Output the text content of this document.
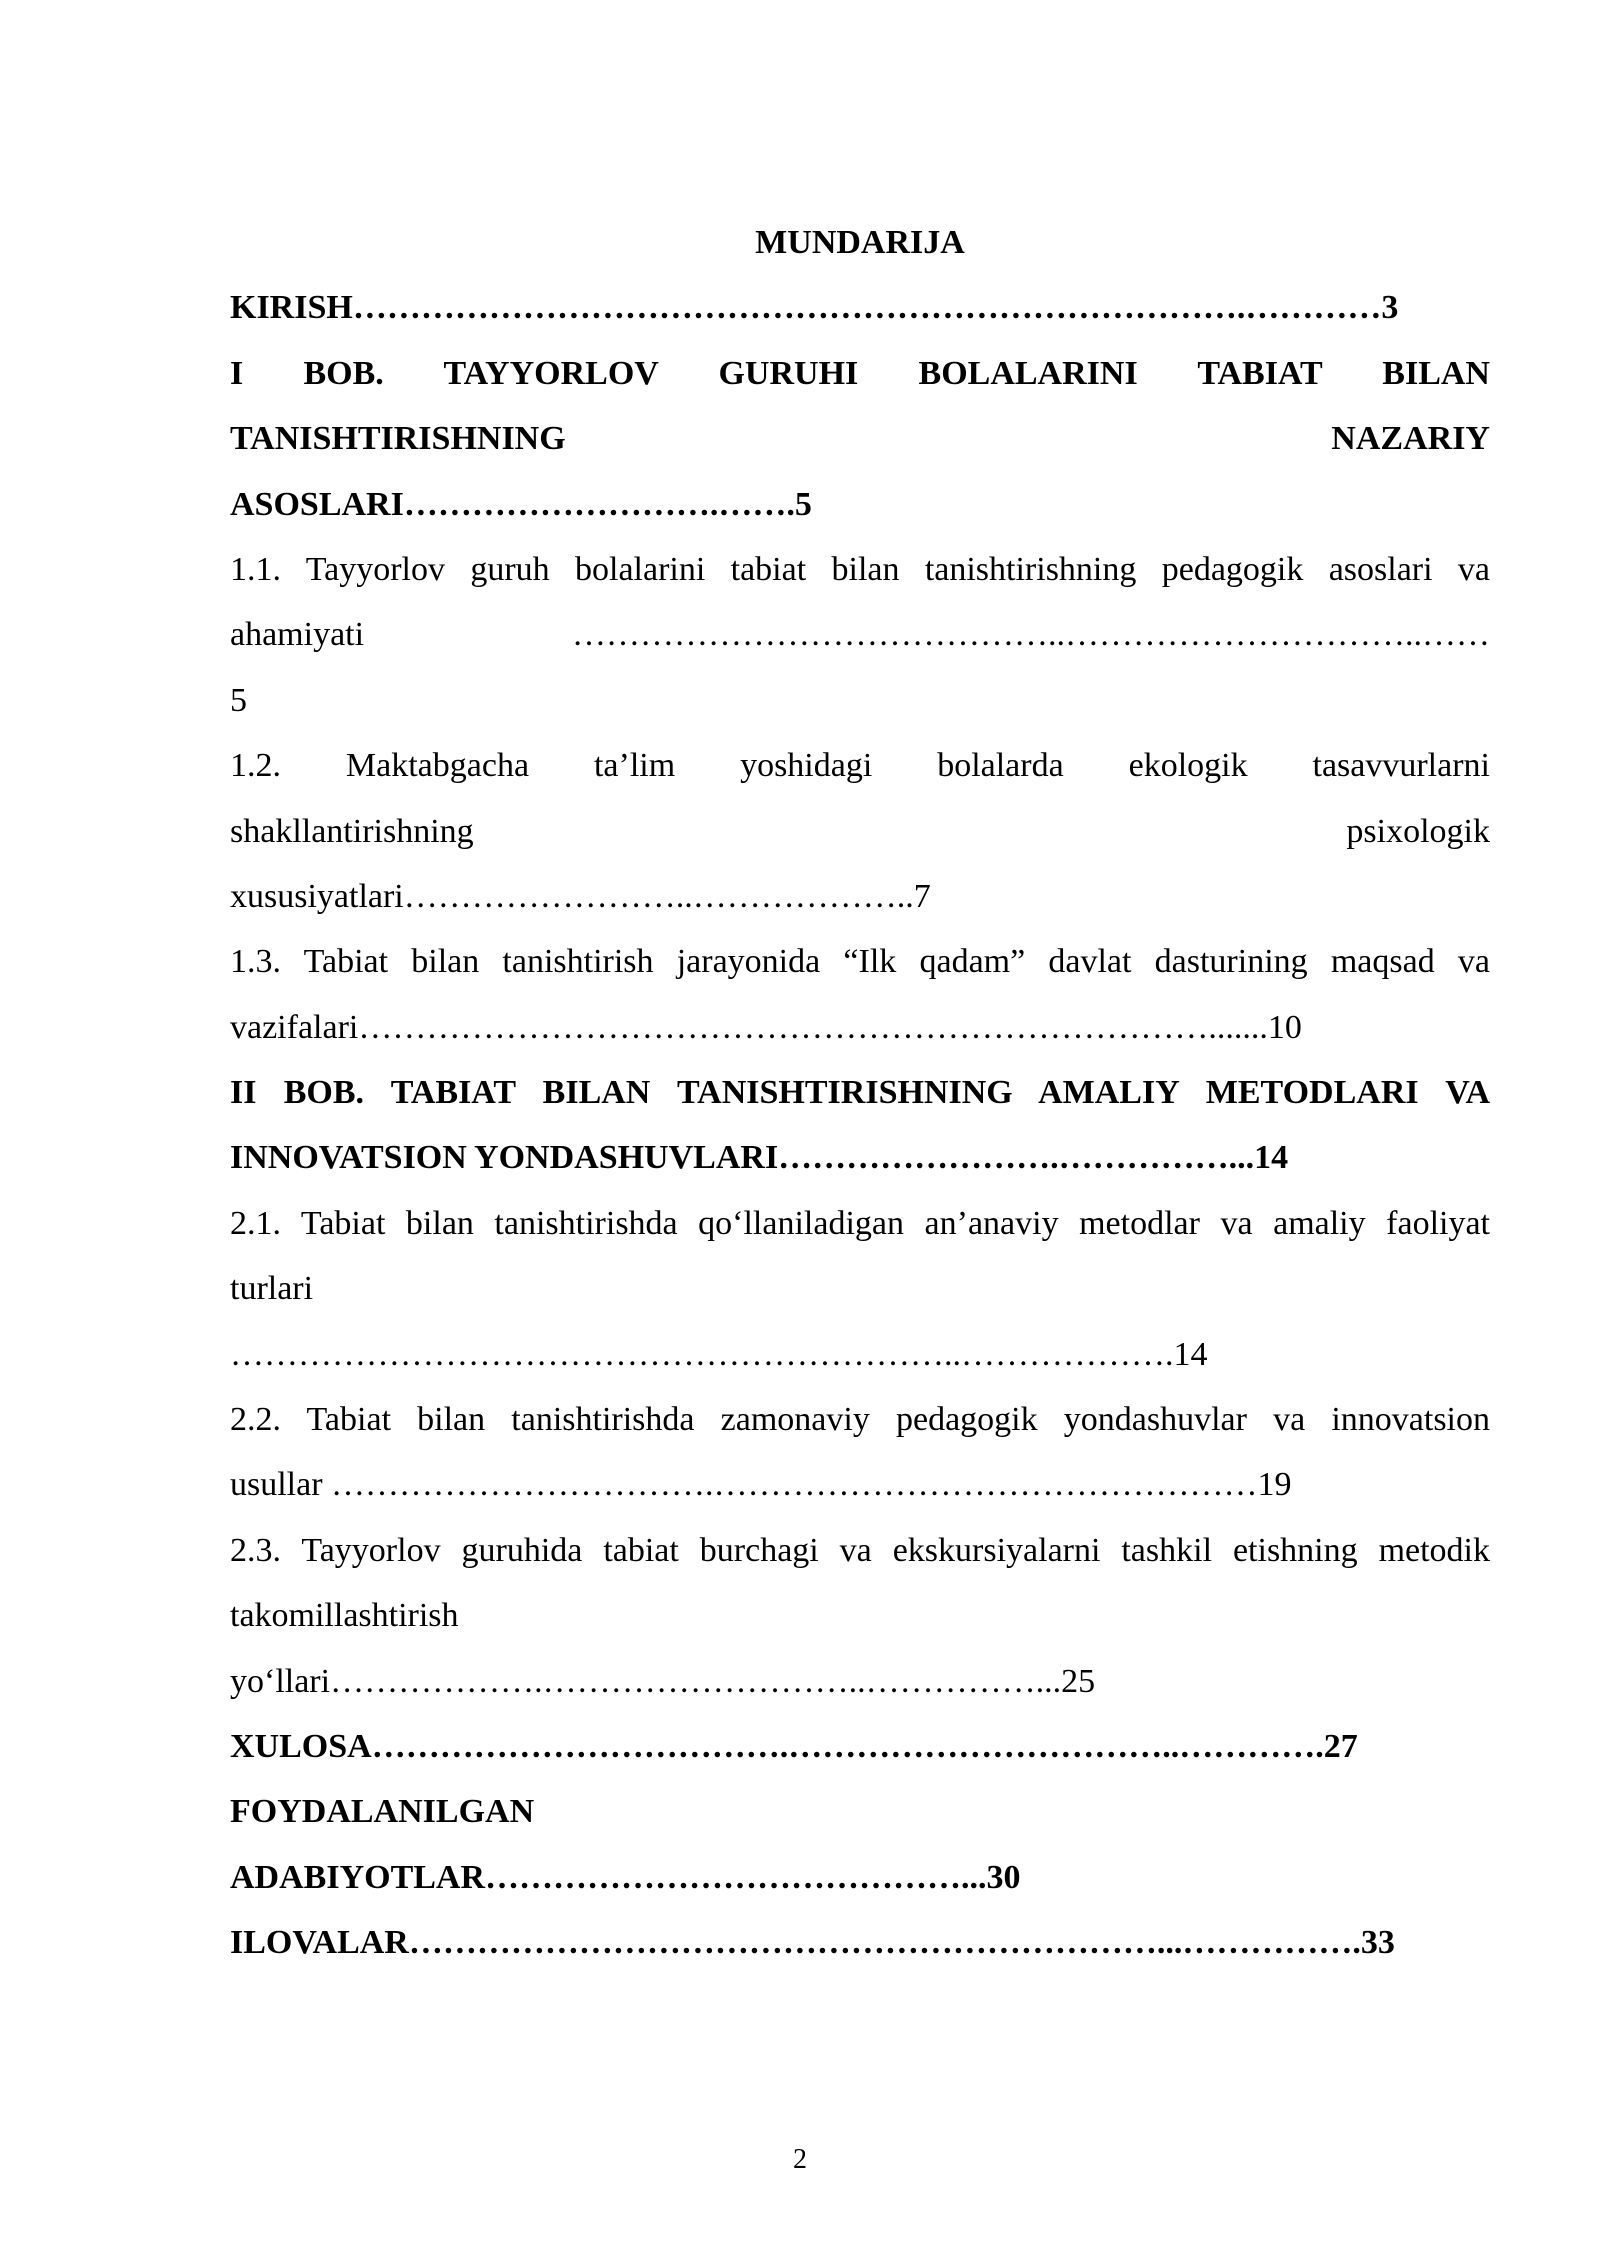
MUNDARIJA
KIRISH…………………………………………………………………….…………3
I BOB. TAYYORLOV GURUHI BOLALARINI TABIAT BILAN
TANISHTIRISHNING NAZARIY
ASOSLARI……………………….…….5
1.1. Tayyorlov guruh bolalarini tabiat bilan tanishtirishning pedagogik asoslari va
ahamiyati ……………………………………..…………………………..……
5
1.2. Maktabgacha ta’lim yoshidagi bolalarda ekologik tasavvurlarni
shakllantirishning psixologik
xususiyatlari……………………..………………..7
1.3. Tabiat bilan tanishtirish jarayonida “Ilk qadam” davlat dasturining maqsad va
vazifalari………………………………………………………………….......10
II BOB. TABIAT BILAN TANISHTIRISHNING AMALIY METODLARI VA
INNOVATSION YONDASHUVLARI…………………….……………...14
2.1. Tabiat bilan tanishtirishda qo‘llaniladigan an’anaviy metodlar va amaliy faoliyat
turlari
………………………………………………………..……………….14
2.2. Tabiat bilan tanishtirishda zamonaviy pedagogik yondashuvlar va innovatsion
usullar …………………………….…………………………………………19
2.3. Tayyorlov guruhida tabiat burchagi va ekskursiyalarni tashkil etishning metodik
takomillashtirish
yo‘llari……………….………………………..……………...25
XULOSA……………………………….……………………………..………….27
FOYDALANILGAN
ADABIYOTLAR……………………………………...30
ILOVALAR…………………………………………………………...…………….33
2
